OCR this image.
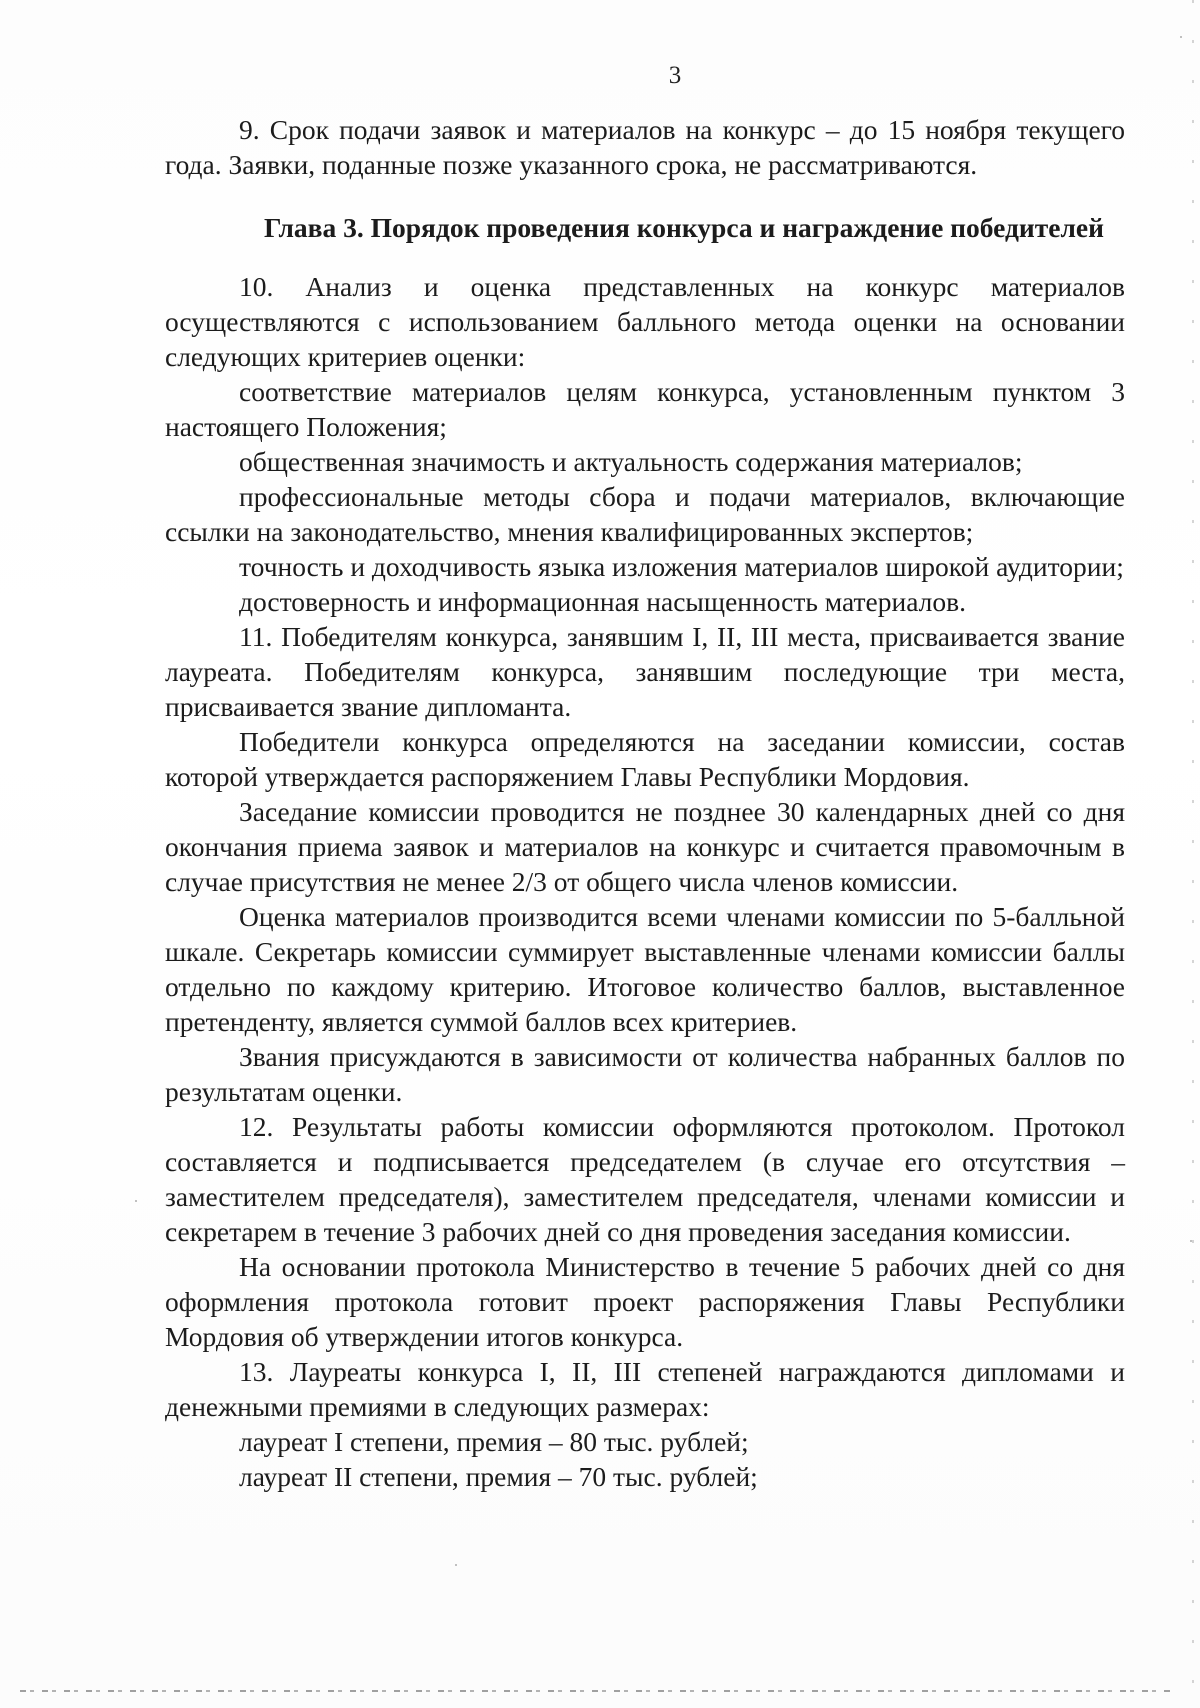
3

9. Срок подачи заявок и материалов на конкурс – до 15 ноября текущего года. Заявки, поданные позже указанного срока, не рассматриваются.

Глава 3. Порядок проведения конкурса и награждение победителей

10. Анализ и оценка представленных на конкурс материалов осуществляются с использованием балльного метода оценки на основании следующих критериев оценки:

соответствие материалов целям конкурса, установленным пунктом 3 настоящего Положения;

общественная значимость и актуальность содержания материалов;

профессиональные методы сбора и подачи материалов, включающие ссылки на законодательство, мнения квалифицированных экспертов;

точность и доходчивость языка изложения материалов широкой аудитории;

достоверность и информационная насыщенность материалов.

11. Победителям конкурса, занявшим I, II, III места, присваивается звание лауреата. Победителям конкурса, занявшим последующие три места, присваивается звание дипломанта.

Победители конкурса определяются на заседании комиссии, состав которой утверждается распоряжением Главы Республики Мордовия.

Заседание комиссии проводится не позднее 30 календарных дней со дня окончания приема заявок и материалов на конкурс и считается правомочным в случае присутствия не менее 2/3 от общего числа членов комиссии.

Оценка материалов производится всеми членами комиссии по 5-балльной шкале. Секретарь комиссии суммирует выставленные членами комиссии баллы отдельно по каждому критерию. Итоговое количество баллов, выставленное претенденту, является суммой баллов всех критериев.

Звания присуждаются в зависимости от количества набранных баллов по результатам оценки.

12. Результаты работы комиссии оформляются протоколом. Протокол составляется и подписывается председателем (в случае его отсутствия – заместителем председателя), заместителем председателя, членами комиссии и секретарем в течение 3 рабочих дней со дня проведения заседания комиссии.

На основании протокола Министерство в течение 5 рабочих дней со дня оформления протокола готовит проект распоряжения Главы Республики Мордовия об утверждении итогов конкурса.

13. Лауреаты конкурса I, II, III степеней награждаются дипломами и денежными премиями в следующих размерах:

лауреат I степени, премия – 80 тыс. рублей;

лауреат II степени, премия – 70 тыс. рублей;
